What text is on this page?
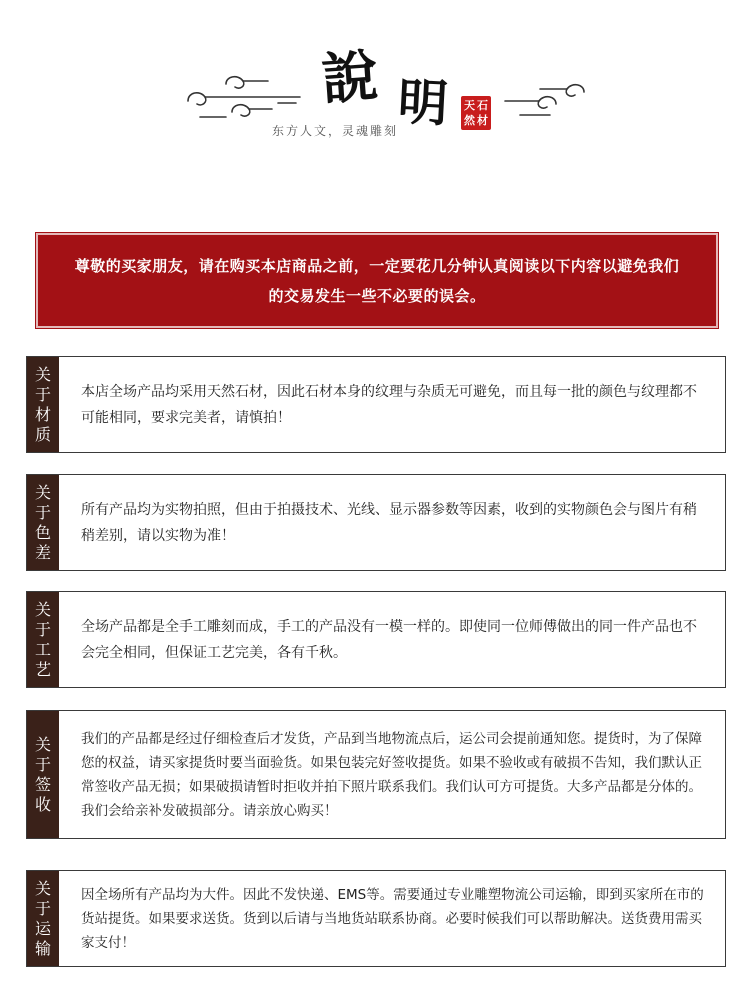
說 明
东方人文，灵魂雕刻
天 石
然 材

尊敬的买家朋友，请在购买本店商品之前，一定要花几分钟认真阅读以下内容以避免我们的交易发生一些不必要的误会。

关
于
材
质
本店全场产品均采用天然石材，因此石材本身的纹理与杂质无可避免，而且每一批的颜色与纹理都不可能相同，要求完美者，请慎拍！
关
于
色
差
所有产品均为实物拍照，但由于拍摄技术、光线、显示器参数等因素，收到的实物颜色会与图片有稍稍差别，请以实物为准！
关
于
工
艺
全场产品都是全手工雕刻而成，手工的产品没有一模一样的。即使同一位师傅做出的同一件产品也不会完全相同，但保证工艺完美，各有千秋。
关
于
签
收
我们的产品都是经过仔细检查后才发货，产品到当地物流点后，运公司会提前通知您。提货时，为了保障您的权益，请买家提货时要当面验货。如果包装完好签收提货。如果不验收或有破损不告知，我们默认正常签收产品无损；如果破损请暂时拒收并拍下照片联系我们。我们认可方可提货。大多产品都是分体的。我们会给亲补发破损部分。请亲放心购买！
关
于
运
输
因全场所有产品均为大件。因此不发快递、EMS等。需要通过专业雕塑物流公司运输，即到买家所在市的货站提货。如果要求送货。货到以后请与当地货站联系协商。必要时候我们可以帮助解决。送货费用需买家支付！
